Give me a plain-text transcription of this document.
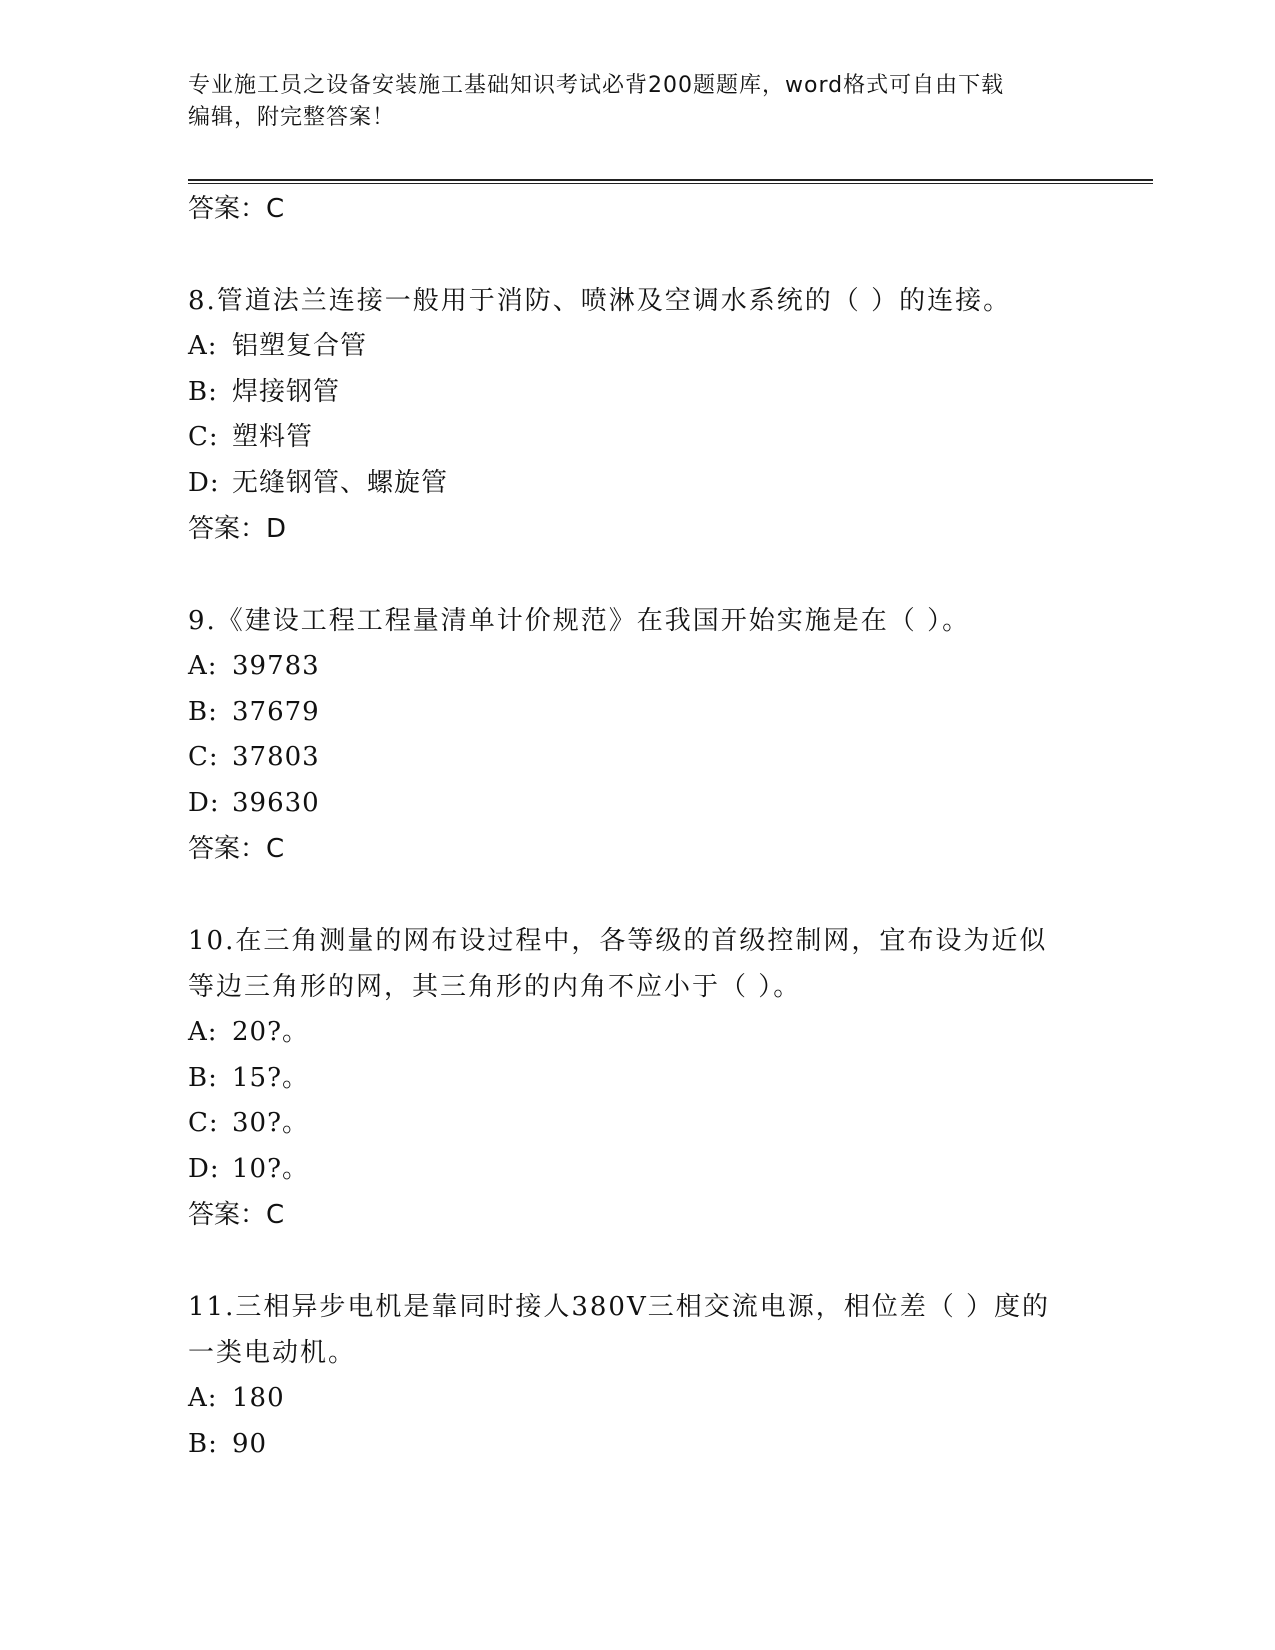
专业施工员之设备安装施工基础知识考试必背200题题库，word格式可自由下载
编辑，附完整答案！
答案：C
8.管道法兰连接一般用于消防、喷淋及空调水系统的（ ）的连接。
A: 铝塑复合管
B: 焊接钢管
C: 塑料管
D: 无缝钢管、螺旋管
答案：D
9.《建设工程工程量清单计价规范》在我国开始实施是在（ ）。
A: 39783
B: 37679
C: 37803
D: 39630
答案：C
10.在三角测量的网布设过程中，各等级的首级控制网，宜布设为近似
等边三角形的网，其三角形的内角不应小于（ ）。
A: 20?。
B: 15?。
C: 30?。
D: 10?。
答案：C
11.三相异步电机是靠同时接人380V三相交流电源，相位差（ ）度的
一类电动机。
A: 180
B: 90
